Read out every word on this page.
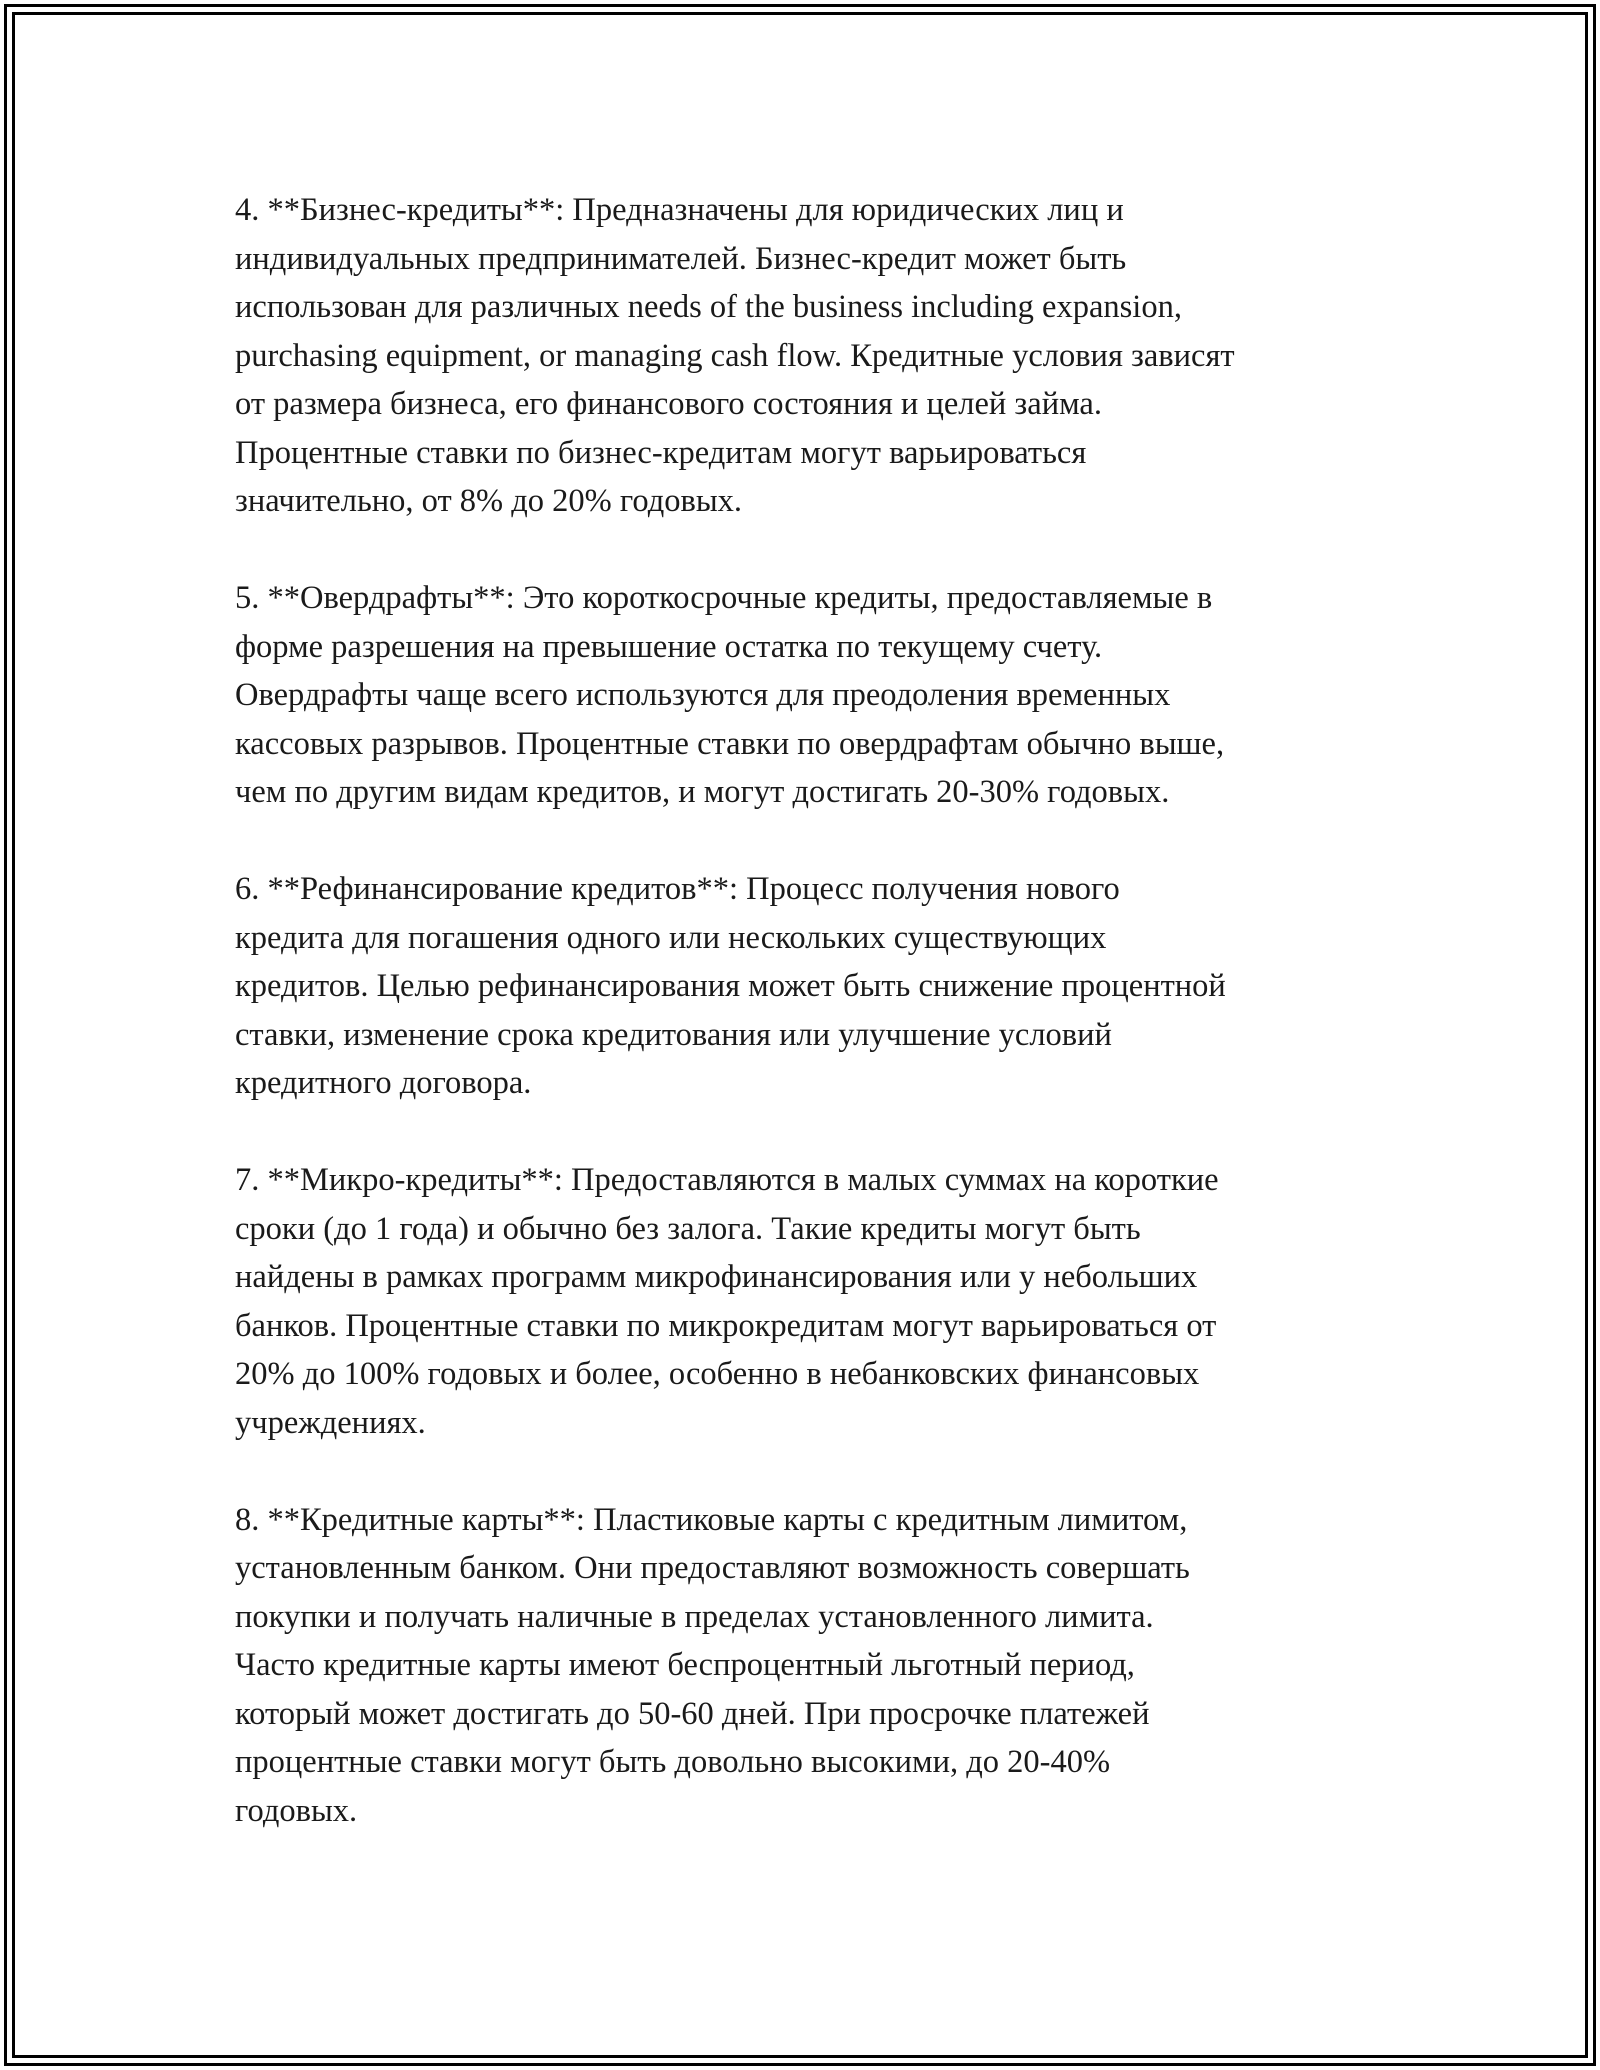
4. **Бизнес-кредиты**: Предназначены для юридических лиц и
индивидуальных предпринимателей. Бизнес-кредит может быть
использован для различных needs of the business including expansion,
purchasing equipment, or managing cash flow. Кредитные условия зависят
от размера бизнеса, его финансового состояния и целей займа.
Процентные ставки по бизнес-кредитам могут варьироваться
значительно, от 8% до 20% годовых.

5. **Овердрафты**: Это короткосрочные кредиты, предоставляемые в
форме разрешения на превышение остатка по текущему счету.
Овердрафты чаще всего используются для преодоления временных
кассовых разрывов. Процентные ставки по овердрафтам обычно выше,
чем по другим видам кредитов, и могут достигать 20-30% годовых.

6. **Рефинансирование кредитов**: Процесс получения нового
кредита для погашения одного или нескольких существующих
кредитов. Целью рефинансирования может быть снижение процентной
ставки, изменение срока кредитования или улучшение условий
кредитного договора.

7. **Микро-кредиты**: Предоставляются в малых суммах на короткие
сроки (до 1 года) и обычно без залога. Такие кредиты могут быть
найдены в рамках программ микрофинансирования или у небольших
банков. Процентные ставки по микрокредитам могут варьироваться от
20% до 100% годовых и более, особенно в небанковских финансовых
учреждениях.

8. **Кредитные карты**: Пластиковые карты с кредитным лимитом,
установленным банком. Они предоставляют возможность совершать
покупки и получать наличные в пределах установленного лимита.
Часто кредитные карты имеют беспроцентный льготный период,
который может достигать до 50-60 дней. При просрочке платежей
процентные ставки могут быть довольно высокими, до 20-40%
годовых.
